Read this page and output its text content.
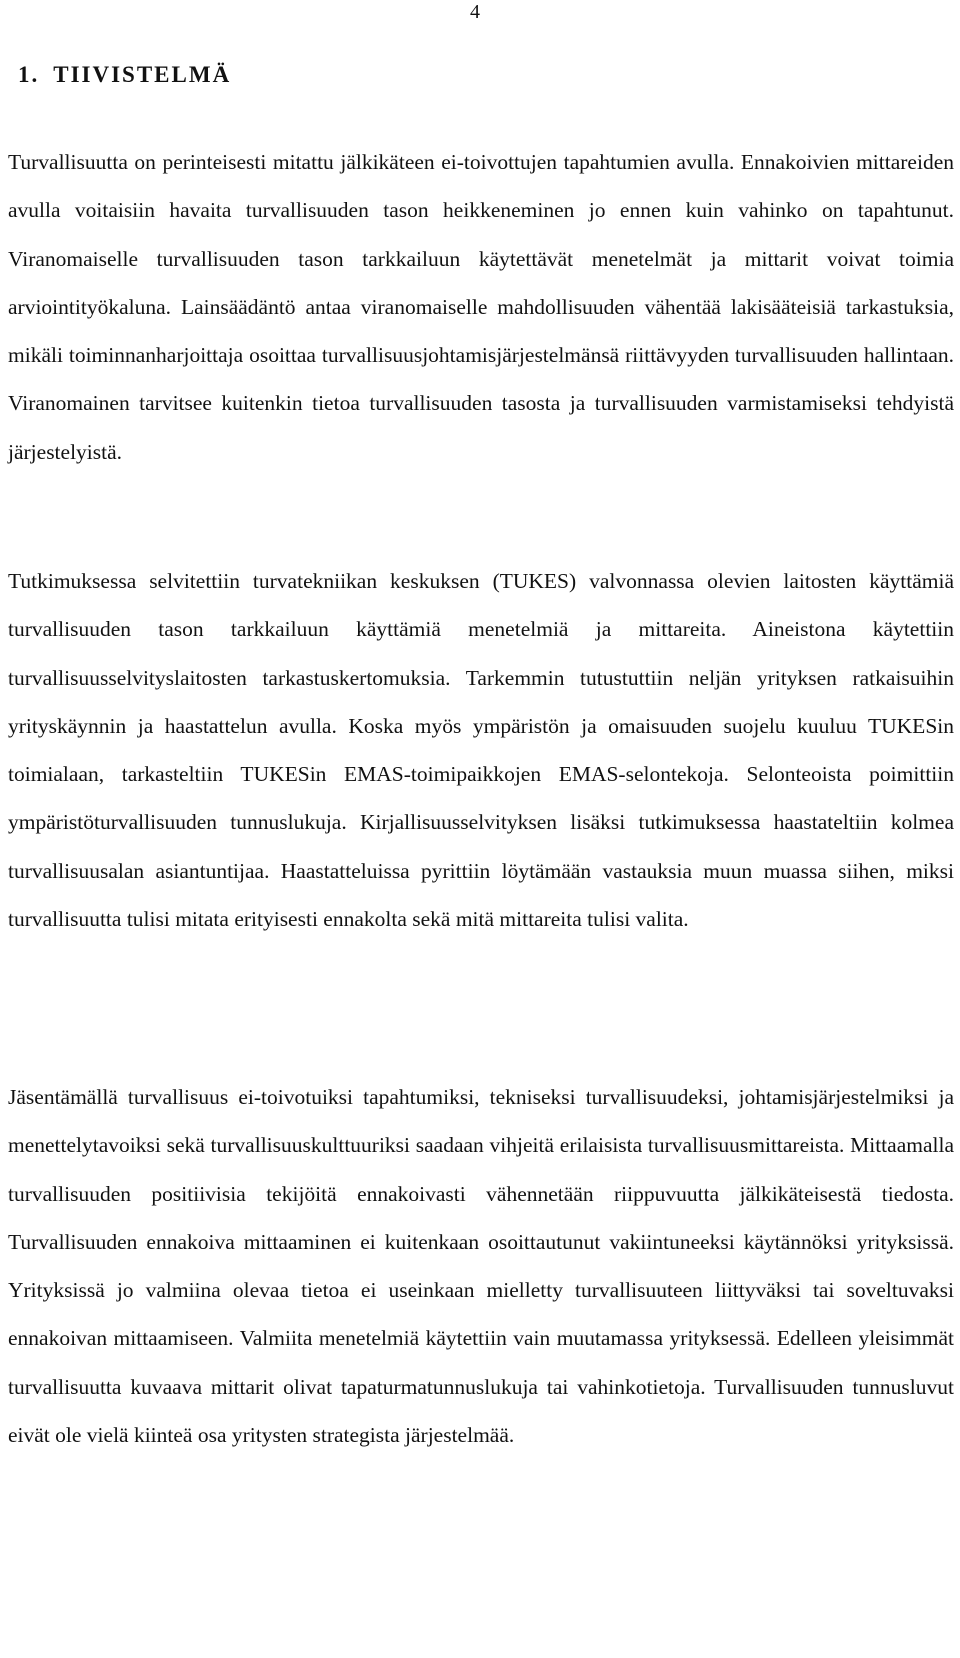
4
1. TIIVISTELMÄ

Turvallisuutta on perinteisesti mitattu jälkikäteen ei-toivottujen tapahtumien avulla. Ennakoivien mittareiden avulla voitaisiin havaita turvallisuuden tason heikkeneminen jo ennen kuin vahinko on tapahtunut. Viranomaiselle turvallisuuden tason tarkkailuun käytettävät menetelmät ja mittarit voivat toimia arviointityökaluna. Lainsäädäntö antaa viranomaiselle mahdollisuuden vähentää lakisääteisiä tarkastuksia, mikäli toiminnanharjoittaja osoittaa turvallisuusjohtamisjärjestelmänsä riittävyyden turvallisuuden hallintaan. Viranomainen tarvitsee kuitenkin tietoa turvallisuuden tasosta ja turvallisuuden varmistamiseksi tehdyistä järjestelyistä.

Tutkimuksessa selvitettiin turvatekniikan keskuksen (TUKES) valvonnassa olevien laitosten käyttämiä turvallisuuden tason tarkkailuun käyttämiä menetelmiä ja mittareita. Aineistona käytettiin turvallisuusselvityslaitosten tarkastuskertomuksia. Tarkemmin tutustuttiin neljän yrityksen ratkaisuihin yrityskäynnin ja haastattelun avulla. Koska myös ympäristön ja omaisuuden suojelu kuuluu TUKESin toimialaan, tarkasteltiin TUKESin EMAS-toimipaikkojen EMAS-selontekoja. Selonteoista poimittiin ympäristöturvallisuuden tunnuslukuja. Kirjallisuusselvityksen lisäksi tutkimuksessa haastateltiin kolmea turvallisuusalan asiantuntijaa. Haastatteluissa pyrittiin löytämään vastauksia muun muassa siihen, miksi turvallisuutta tulisi mitata erityisesti ennakolta sekä mitä mittareita tulisi valita.

Jäsentämällä turvallisuus ei-toivotuiksi tapahtumiksi, tekniseksi turvallisuudeksi, johtamisjärjestelmiksi ja menettelytavoiksi sekä turvallisuuskulttuuriksi saadaan vihjeitä erilaisista turvallisuusmittareista. Mittaamalla turvallisuuden positiivisia tekijöitä ennakoivasti vähennetään riippuvuutta jälkikäteisestä tiedosta. Turvallisuuden ennakoiva mittaaminen ei kuitenkaan osoittautunut vakiintuneeksi käytännöksi yrityksissä. Yrityksissä jo valmiina olevaa tietoa ei useinkaan mielletty turvallisuuteen liittyväksi tai soveltuvaksi ennakoivan mittaamiseen. Valmiita menetelmiä käytettiin vain muutamassa yrityksessä. Edelleen yleisimmät turvallisuutta kuvaava mittarit olivat tapaturmatunnuslukuja tai vahinkotietoja. Turvallisuuden tunnusluvut eivät ole vielä kiinteä osa yritysten strategista järjestelmää.
